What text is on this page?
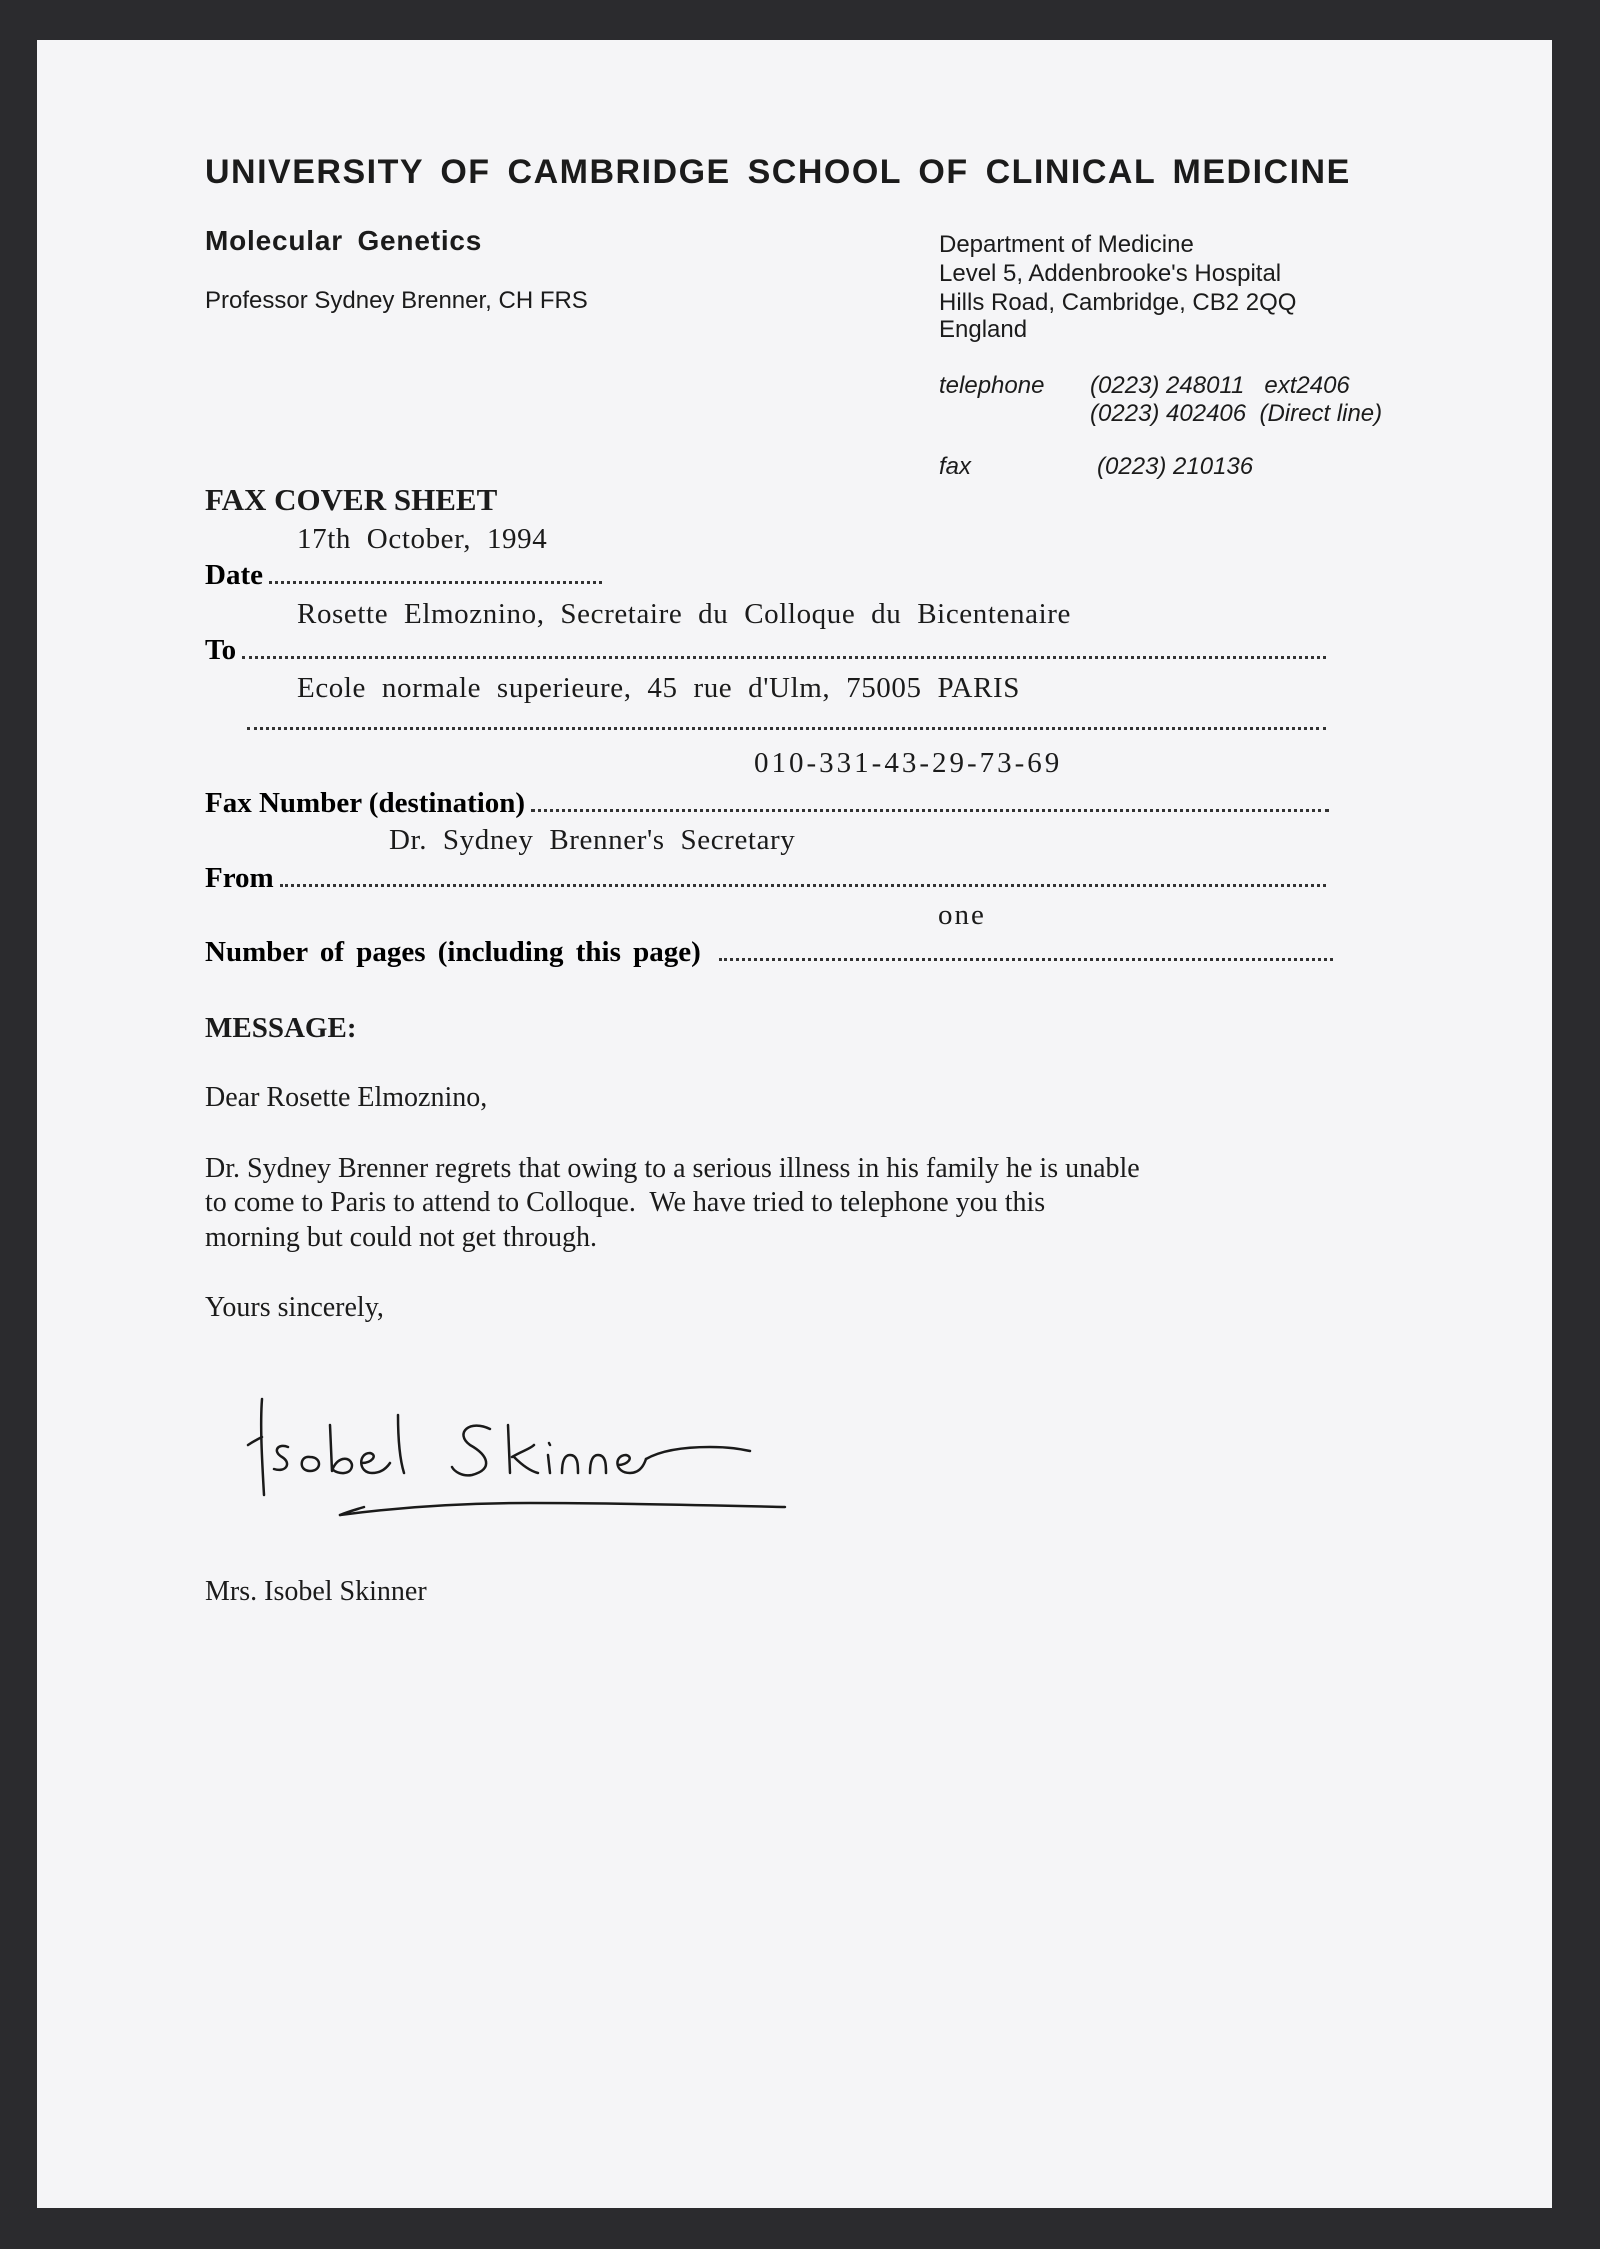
UNIVERSITY OF CAMBRIDGE SCHOOL OF CLINICAL MEDICINE
Molecular Genetics
Professor Sydney Brenner, CH FRS
Department of Medicine
Level 5, Addenbrooke's Hospital
Hills Road, Cambridge, CB2 2QQ
England
telephone (0223) 248011   ext2406
(0223) 402406  (Direct line)
fax	(0223) 210136
FAX COVER SHEET
17th October, 1994
Date
Rosette Elmoznino, Secretaire du Colloque du Bicentenaire
To
Ecole normale superieure, 45 rue d'Ulm, 75005 PARIS
010-331-43-29-73-69
Fax Number (destination)
Dr. Sydney Brenner's Secretary
From
one
Number of pages (including this page)
MESSAGE:
Dear Rosette Elmoznino,
Dr. Sydney Brenner regrets that owing to a serious illness in his family he is unable
to come to Paris to attend to Colloque.  We have tried to telephone you this
morning but could not get through.
Yours sincerely,
Mrs. Isobel Skinner
